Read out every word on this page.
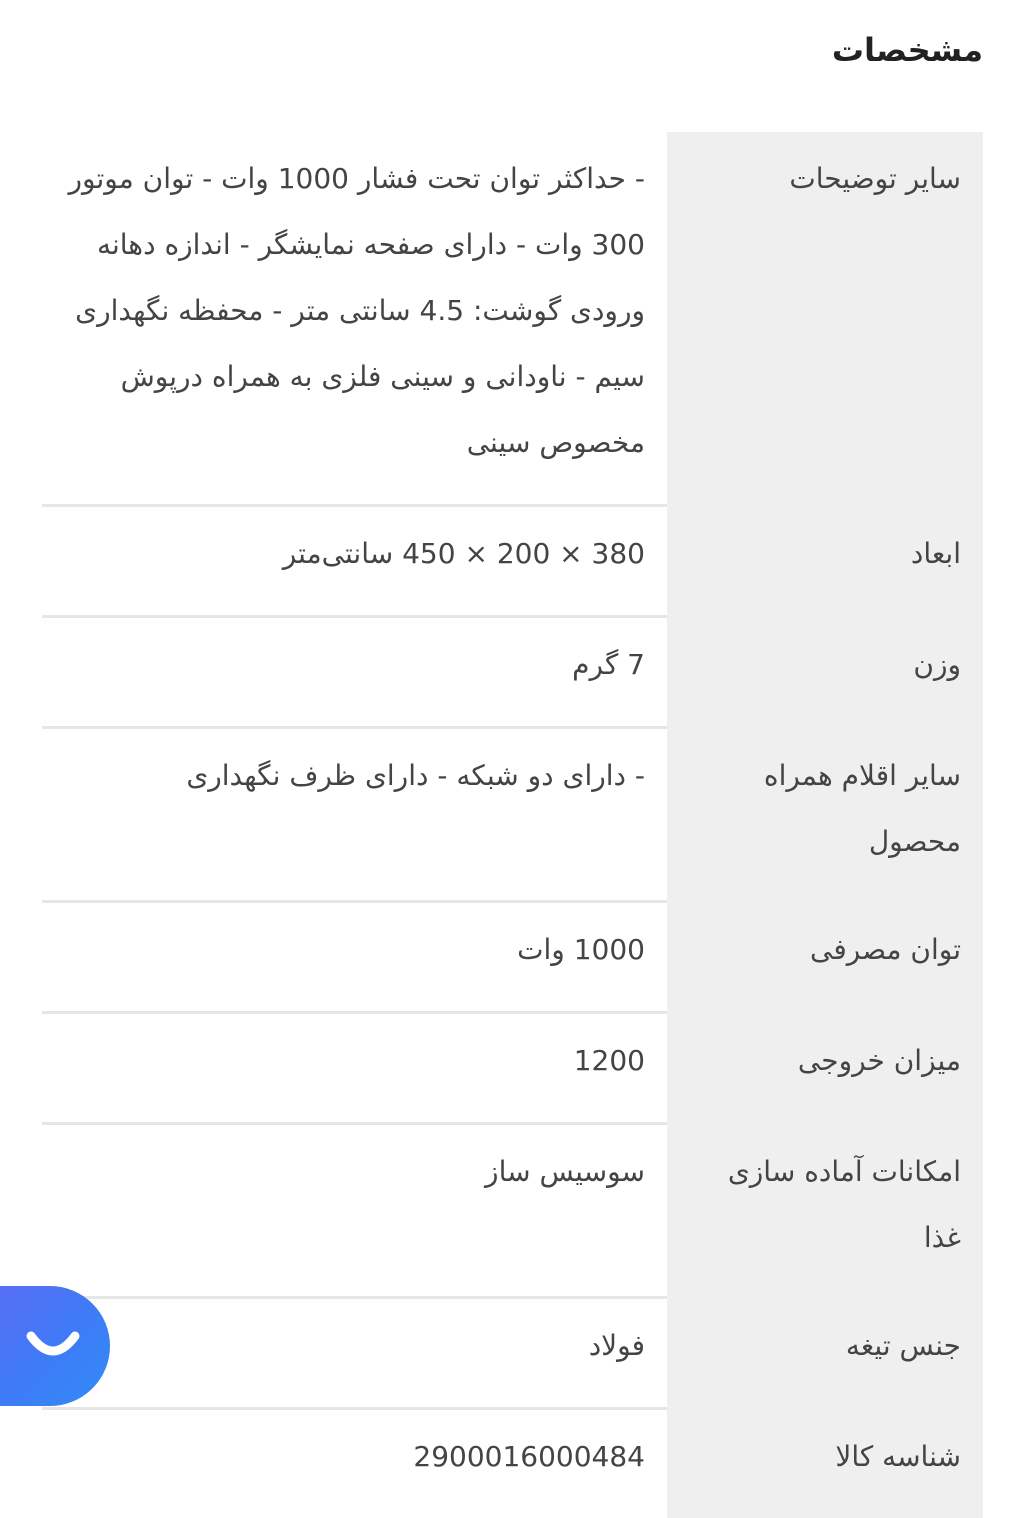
مشخصات
سایر توضیحات
- حداکثر توان تحت فشار 1000 وات - توان موتور 300 وات - دارای صفحه نمایشگر - اندازه دهانه ورودی گوشت: 4.5 سانتی متر - محفظه نگهداری سیم - ناودانی و سینی فلزی به همراه درپوش مخصوص سینی
ابعاد
380 × 200 × 450 سانتی‌متر
وزن
7 گرم
سایر اقلام همراه محصول
- دارای دو شبکه - دارای ظرف نگهداری
توان مصرفی
1000 وات
میزان خروجی
1200
امکانات آماده سازی غذا
سوسیس ساز
جنس تیغه
فولاد
شناسه کالا
2900016000484
